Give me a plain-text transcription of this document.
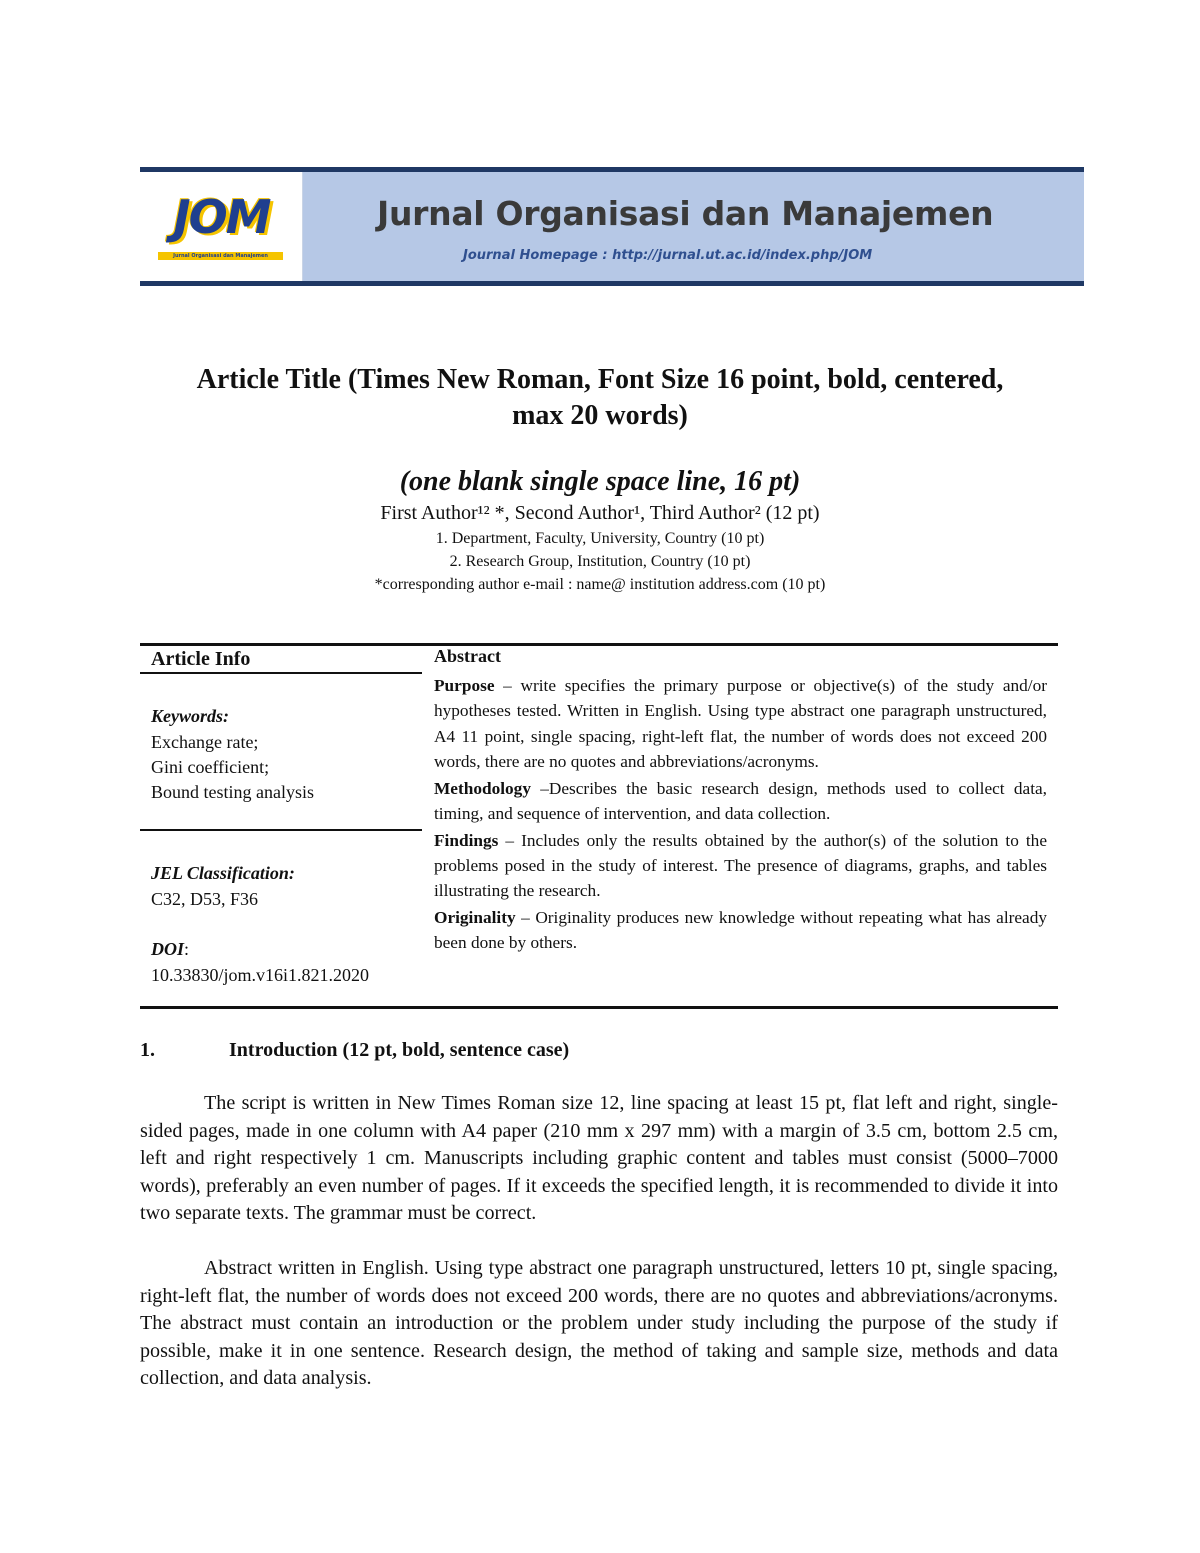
JOM
Jurnal Organisasi dan Manajemen
Jurnal Organisasi dan Manajemen
Journal Homepage : http://jurnal.ut.ac.id/index.php/JOM
Article Title (Times New Roman, Font Size 16 point, bold, centered,
max 20 words)
(one blank single space line, 16 pt)
First Author¹² *, Second Author¹, Third Author² (12 pt)
1. Department, Faculty, University, Country (10 pt)
2. Research Group, Institution, Country (10 pt)
*corresponding author e-mail : name@ institution address.com (10 pt)
Article Info
Keywords:
Exchange rate;
Gini coefficient;
Bound testing analysis
JEL Classification:
C32, D53, F36
DOI:
10.33830/jom.v16i1.821.2020
Abstract

Purpose – write specifies the primary purpose or objective(s) of the study and/or hypotheses tested. Written in English. Using type abstract one paragraph unstructured, A4 11 point, single spacing, right-left flat, the number of words does not exceed 200 words, there are no quotes and abbreviations/acronyms.

Methodology –Describes the basic research design, methods used to collect data, timing, and sequence of intervention, and data collection.

Findings – Includes only the results obtained by the author(s) of the solution to the problems posed in the study of interest. The presence of diagrams, graphs, and tables illustrating the research.

Originality – Originality produces new knowledge without repeating what has already been done by others.

1.	Introduction (12 pt, bold, sentence case)

The script is written in New Times Roman size 12, line spacing at least 15 pt, flat left and right, single-sided pages, made in one column with A4 paper (210 mm x 297 mm) with a margin of 3.5 cm, bottom 2.5 cm, left and right respectively 1 cm. Manuscripts including graphic content and tables must consist (5000–7000 words), preferably an even number of pages. If it exceeds the specified length, it is recommended to divide it into two separate texts. The grammar must be correct.

Abstract written in English. Using type abstract one paragraph unstructured, letters 10 pt, single spacing, right-left flat, the number of words does not exceed 200 words, there are no quotes and abbreviations/acronyms. The abstract must contain an introduction or the problem under study including the purpose of the study if possible, make it in one sentence. Research design, the method of taking and sample size, methods and data collection, and data analysis.
